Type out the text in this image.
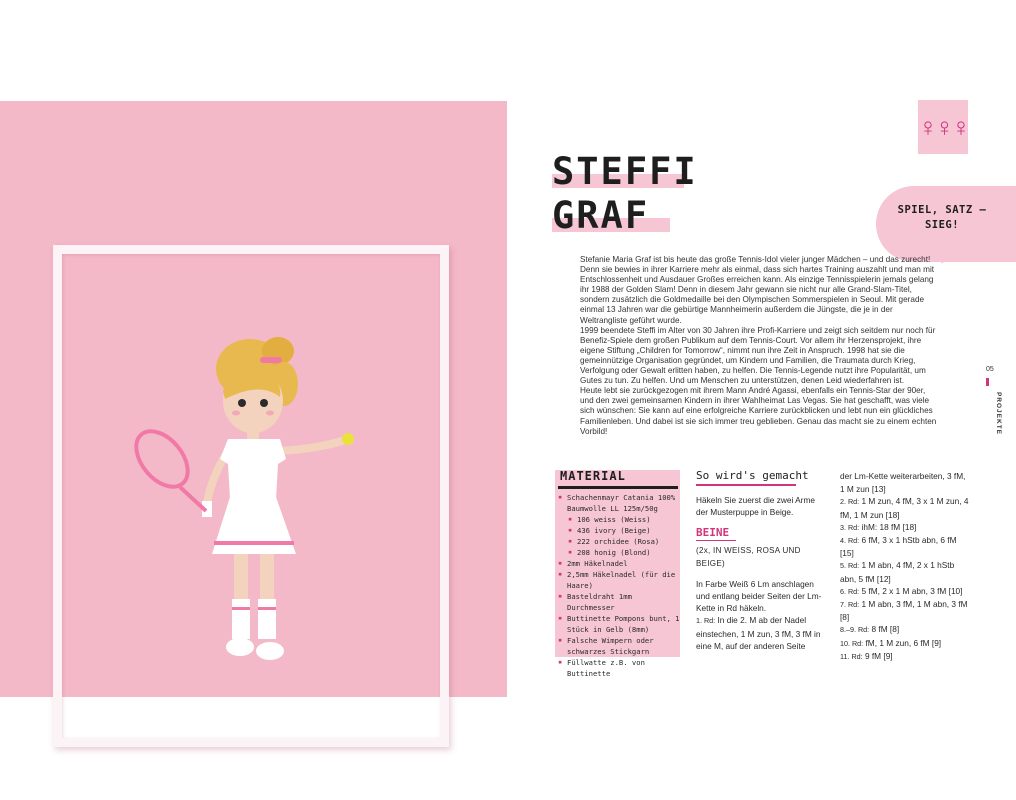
♀♀♀
STEFFI
GRAF	SPIEL, SATZ – SIEG!

Stefanie Maria Graf ist bis heute das große Tennis-Idol vieler junger Mädchen – und das zurecht! Denn sie bewies in ihrer Karriere mehr als einmal, dass sich hartes Training auszahlt und man mit Entschlossenheit und Ausdauer Großes erreichen kann. Als einzige Tennisspielerin jemals gelang ihr 1988 der Golden Slam! Denn in diesem Jahr gewann sie nicht nur alle Grand-Slam-Titel, sondern zusätzlich die Goldmedaille bei den Olympischen Sommerspielen in Seoul. Mit gerade einmal 13 Jahren war die gebürtige Mannheimerin außerdem die Jüngste, die je in der Weltrangliste geführt wurde.

1999 beendete Steffi im Alter von 30 Jahren ihre Profi-Karriere und zeigt sich seitdem nur noch für Benefiz-Spiele dem großen Publikum auf dem Tennis-Court. Vor allem ihr Herzensprojekt, ihre eigene Stiftung „Children for Tomorrow“, nimmt nun ihre Zeit in Anspruch. 1998 hat sie die gemeinnützige Organisation gegründet, um Kindern und Familien, die Traumata durch Krieg, Verfolgung oder Gewalt erlitten haben, zu helfen. Die Tennis-Legende nutzt ihre Popularität, um Gutes zu tun. Zu helfen. Und um Menschen zu unterstützen, denen Leid wiederfahren ist.

Heute lebt sie zurückgezogen mit ihrem Mann André Agassi, ebenfalls ein Tennis-Star der 90er, und den zwei gemeinsamen Kindern in ihrer Wahlheimat Las Vegas. Sie hat geschafft, was viele sich wünschen: Sie kann auf eine erfolgreiche Karriere zurückblicken und lebt nun ein glückliches Familienleben. Und dabei ist sie sich immer treu geblieben. Genau das macht sie zu einem echten Vorbild!

05
PROJEKTE
MATERIAL
▪ Schachenmayr Catania 100% Baumwolle LL 125m/50g
▪ 106 weiss (Weiss)
▪ 436 ivory (Beige)
▪ 222 orchidee (Rosa)
▪ 208 honig (Blond)
▪ 2mm Häkelnadel
▪ 2,5mm Häkelnadel (für die Haare)
▪ Basteldraht 1mm Durchmesser
▪ Buttinette Pompons bunt, 1 Stück in Gelb (8mm)
▪ Falsche Wimpern oder schwarzes Stickgarn
▪ Füllwatte z.B. von Buttinette
So wird's gemacht

Häkeln Sie zuerst die zwei Arme der Musterpuppe in Beige.

BEINE

(2x, IN WEISS, ROSA UND BEIGE)

In Farbe Weiß 6 Lm anschlagen und entlang beider Seiten der Lm-Kette in Rd häkeln.
1. Rd: In die 2. M ab der Nadel einstechen, 1 M zun, 3 fM, 3 fM in eine M, auf der anderen Seite

der Lm-Kette weiterarbeiten, 3 fM, 1 M zun [13]
2. Rd: 1 M zun, 4 fM, 3 x 1 M zun, 4 fM, 1 M zun [18]
3. Rd: ihM: 18 fM [18]
4. Rd: 6 fM, 3 x 1 hStb abn, 6 fM [15]
5. Rd: 1 M abn, 4 fM, 2 x 1 hStb abn, 5 fM [12]
6. Rd: 5 fM, 2 x 1 M abn, 3 fM [10]
7. Rd: 1 M abn, 3 fM, 1 M abn, 3 fM [8]
8.–9. Rd: 8 fM [8]
10. Rd: fM, 1 M zun, 6 fM [9]
11. Rd: 9 fM [9]
